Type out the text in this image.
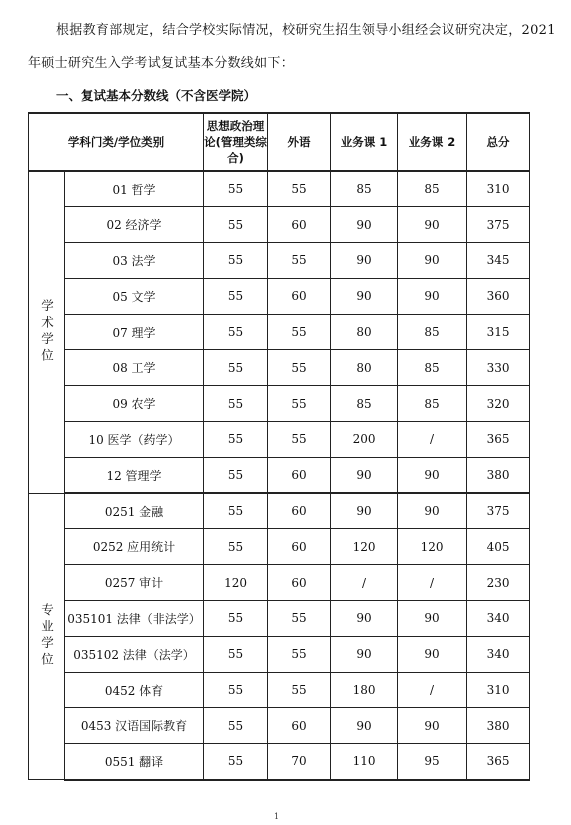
根据教育部规定，结合学校实际情况，校研究生招生领导小组经会议研究决定，2021年硕士研究生入学考试复试基本分数线如下：

一、复试基本分数线（不含医学院）
学科门类/学位类别		思想政治理论(管理类综合)	外语	业务课 1	业务课 2	总分
学术学位	01 哲学	55	55	85	85	310
	02 经济学	55	60	90	90	375
	03 法学	55	55	90	90	345
	05 文学	55	60	90	90	360
	07 理学	55	55	80	85	315
	08 工学	55	55	80	85	330
	09 农学	55	55	85	85	320
	10 医学（药学）	55	55	200	/	365
	12 管理学	55	60	90	90	380
专业学位	0251 金融	55	60	90	90	375
	0252 应用统计	55	60	120	120	405
	0257 审计	120	60	/	/	230
	035101 法律（非法学）	55	55	90	90	340
	035102 法律（法学）	55	55	90	90	340
	0452 体育	55	55	180	/	310
	0453 汉语国际教育	55	60	90	90	380
	0551 翻译	55	70	110	95	365
1
